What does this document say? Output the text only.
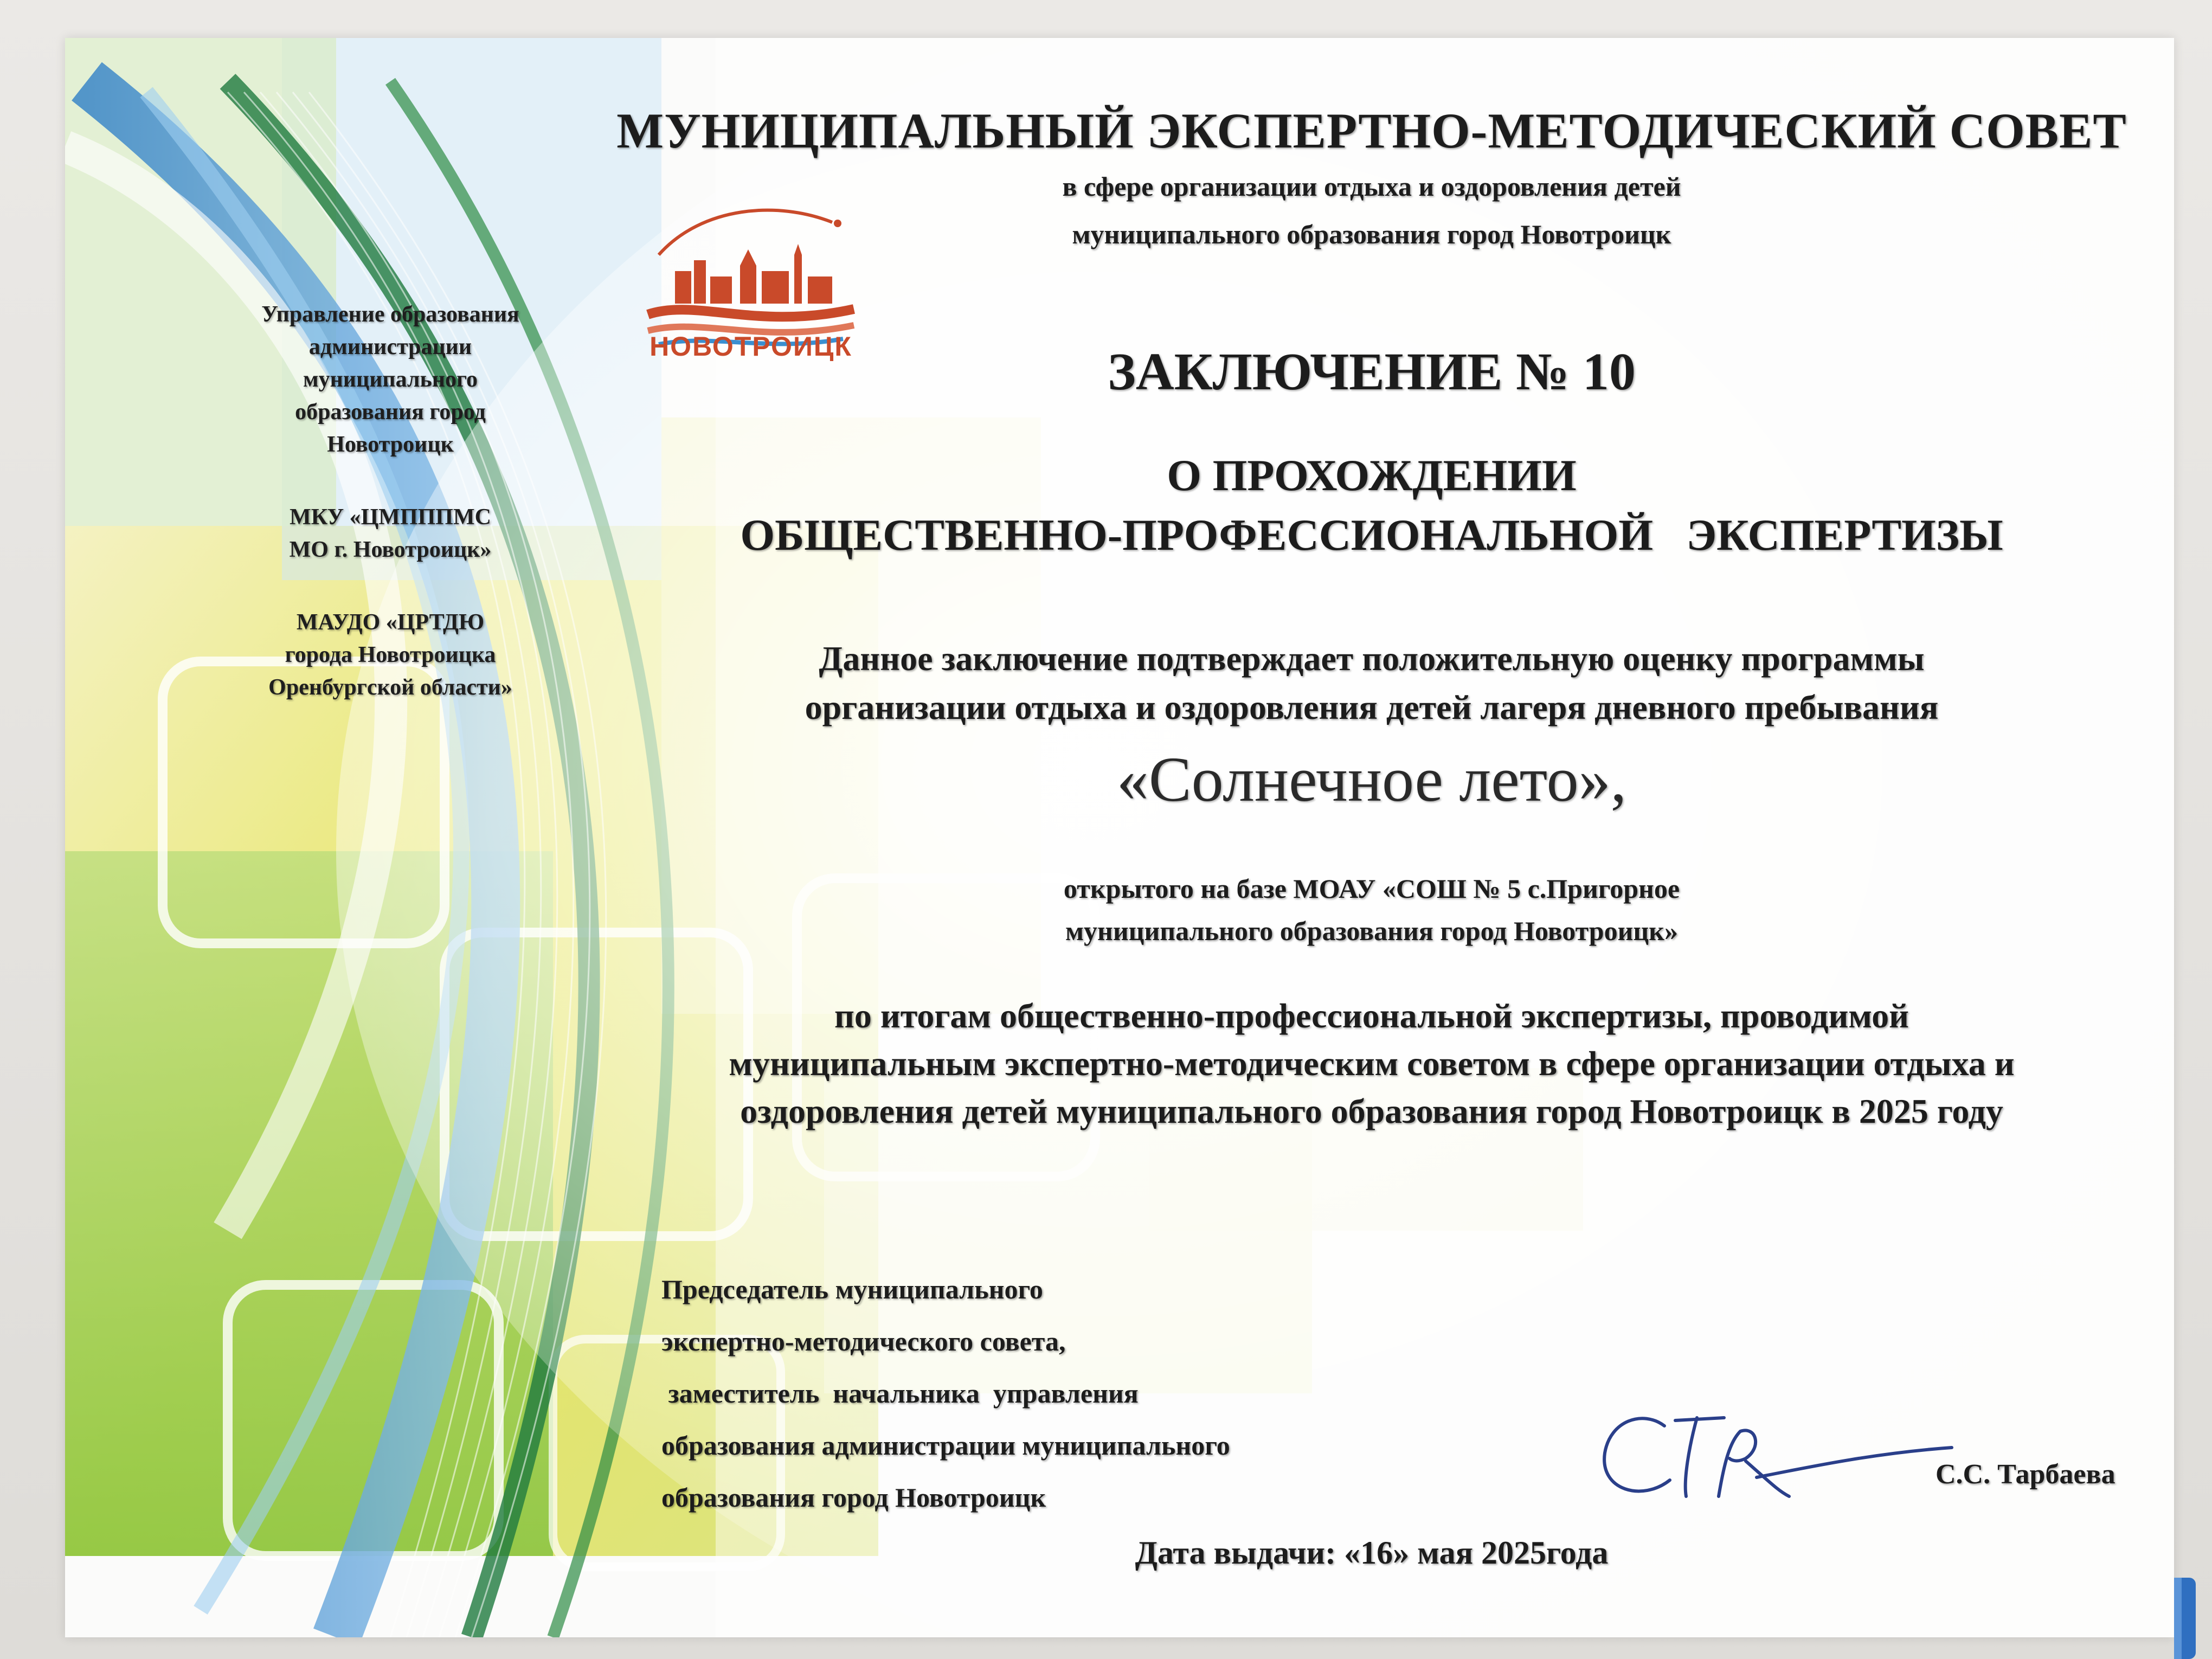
Управление образования
администрации
муниципального
образования город
Новотроицк
МКУ «ЦМПППМС
МО г. Новотроицк»
МАУДО «ЦРТДЮ
города Новотроицка
Оренбургской области»
МУНИЦИПАЛЬНЫЙ ЭКСПЕРТНО-МЕТОДИЧЕСКИЙ СОВЕТ
в сфере организации отдыха и оздоровления детей
муниципального образования город Новотроицк
НОВОТРОИЦК	ЗАКЛЮЧЕНИЕ № 10
О ПРОХОЖДЕНИИ
ОБЩЕСТВЕННО-ПРОФЕССИОНАЛЬНОЙ   ЭКСПЕРТИЗЫ
Данное заключение подтверждает положительную оценку программы
организации отдыха и оздоровления детей лагеря дневного пребывания
«Солнечное лето»,
открытого на базе МОАУ «СОШ № 5 с.Пригорное
муниципального образования город Новотроицк»
по итогам общественно-профессиональной экспертизы, проводимой
муниципальным экспертно-методическим советом в сфере организации отдыха и
оздоровления детей муниципального образования город Новотроицк в 2025 году
Председатель муниципального
экспертно-методического совета,
заместитель  начальника  управления
образования администрации муниципального
образования город Новотроицк
С.С. Тарбаева
Дата выдачи: «16» мая 2025года
